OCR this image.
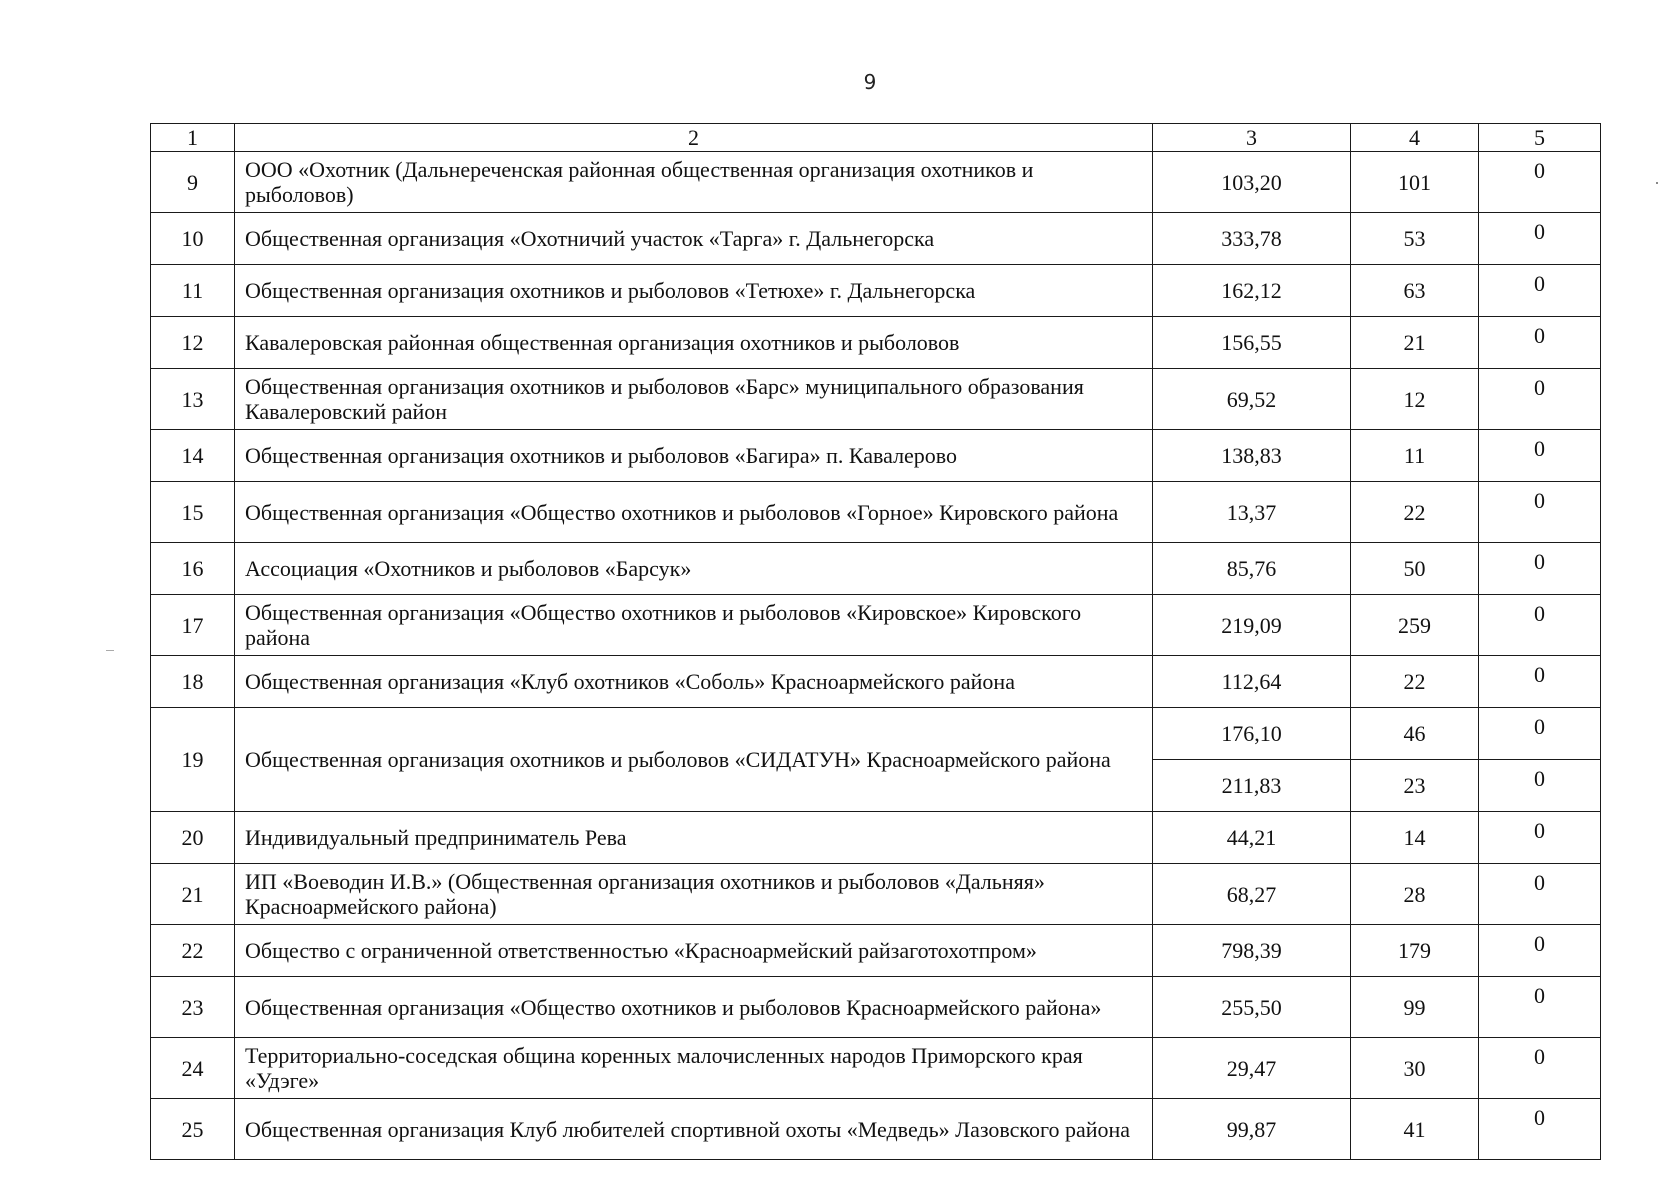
9
1	2	3	4	5
9	ООО «Охотник (Дальнереченская районная общественная организация охотников и рыболовов)	103,20	101	0
10	Общественная организация «Охотничий участок «Тарга» г. Дальнегорска	333,78	53	0
11	Общественная организация охотников и рыболовов «Тетюхе» г. Дальнегорска	162,12	63	0
12	Кавалеровская районная общественная организация охотников и рыболовов	156,55	21	0
13	Общественная организация охотников и рыболовов «Барс» муниципального образования Кавалеровский район	69,52	12	0
14	Общественная организация охотников и рыболовов «Багира» п. Кавалерово	138,83	11	0
15	Общественная организация «Общество охотников и рыболовов «Горное» Кировского района	13,37	22	0
16	Ассоциация «Охотников и рыболовов «Барсук»	85,76	50	0
17	Общественная организация «Общество охотников и рыболовов «Кировское» Кировского района	219,09	259	0
18	Общественная организация «Клуб охотников «Соболь» Красноармейского района	112,64	22	0
19	Общественная организация охотников и рыболовов «СИДАТУН» Красноармейского района	176,10	46	0
		211,83	23	0
20	Индивидуальный предприниматель Рева	44,21	14	0
21	ИП «Воеводин И.В.» (Общественная организация охотников и рыболовов «Дальняя» Красноармейского района)	68,27	28	0
22	Общество с ограниченной ответственностью «Красноармейский райзаготохотпром»	798,39	179	0
23	Общественная организация «Общество охотников и рыболовов Красноармейского района»	255,50	99	0
24	Территориально-соседская община коренных малочисленных народов Приморского края «Удэге»	29,47	30	0
25	Общественная организация Клуб любителей спортивной охоты «Медведь» Лазовского района	99,87	41	0
